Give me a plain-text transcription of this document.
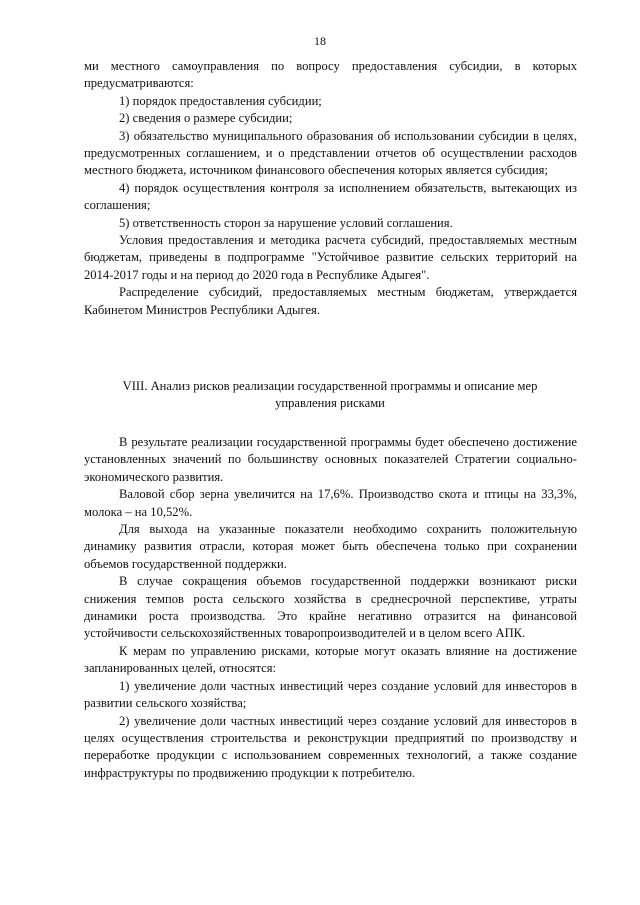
18

ми местного самоуправления по вопросу предоставления субсидии, в которых предусматриваются:

1) порядок предоставления субсидии;

2) сведения о размере субсидии;

3) обязательство муниципального образования об использовании субсидии в целях, предусмотренных соглашением, и о представлении отчетов об осуществлении расходов местного бюджета, источником финансового обеспечения которых является субсидия;

4) порядок осуществления контроля за исполнением обязательств, вытекающих из соглашения;

5) ответственность сторон за нарушение условий соглашения.

Условия предоставления и методика расчета субсидий, предоставляемых местным бюджетам, приведены в подпрограмме "Устойчивое развитие сельских территорий на 2014-2017 годы и на период до 2020 года в Республике Адыгея".

Распределение субсидий, предоставляемых местным бюджетам, утверждается Кабинетом Министров Республики Адыгея.

VIII. Анализ рисков реализации государственной программы и описание мер управления рисками

В результате реализации государственной программы будет обеспечено достижение установленных значений по большинству основных показателей Стратегии социально-экономического развития.

Валовой сбор зерна увеличится на 17,6%. Производство скота и птицы на 33,3%, молока – на 10,52%.

Для выхода на указанные показатели необходимо сохранить положительную динамику развития отрасли, которая может быть обеспечена только при сохранении объемов государственной поддержки.

В случае сокращения объемов государственной поддержки возникают риски снижения темпов роста сельского хозяйства в среднесрочной перспективе, утраты динамики роста производства. Это крайне негативно отразится на финансовой устойчивости сельскохозяйственных товаропроизводителей и в целом всего АПК.

К мерам по управлению рисками, которые могут оказать влияние на достижение запланированных целей, относятся:

1) увеличение доли частных инвестиций через создание условий для инвесторов в развитии сельского хозяйства;

2) увеличение доли частных инвестиций через создание условий для инвесторов в целях осуществления строительства и реконструкции предприятий по производству и переработке продукции с использованием современных технологий, а также создание инфраструктуры по продвижению продукции к потребителю.
